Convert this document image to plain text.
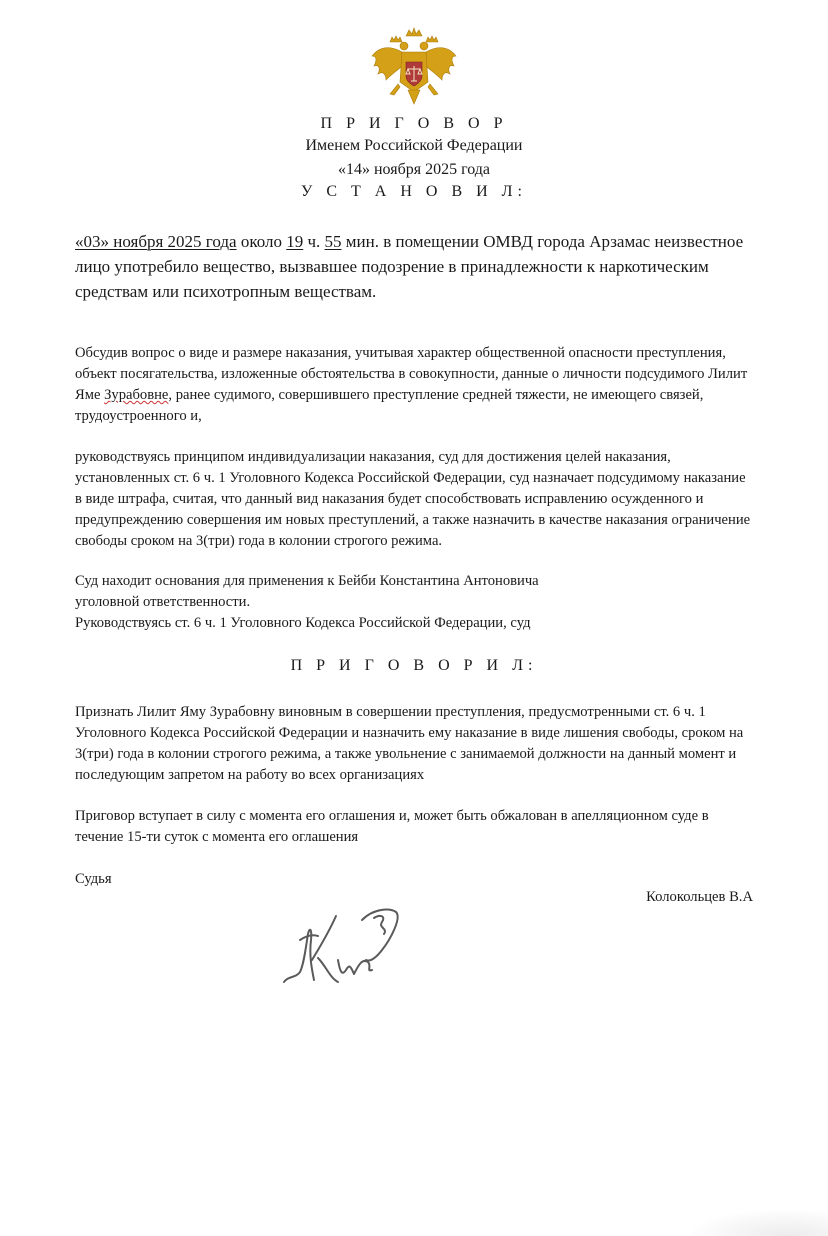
П Р И Г О В О Р
Именем Российской Федерации
«14» ноября 2025 года
У С Т А Н О В И Л:
«03» ноября 2025 года около 19 ч. 55 мин. в помещении ОМВД города Арзамас неизвестное лицо употребило вещество, вызвавшее подозрение в принадлежности к наркотическим средствам или психотропным веществам.
Обсудив вопрос о виде и размере наказания, учитывая характер общественной опасности преступления, объект посягательства, изложенные обстоятельства в совокупности, данные о личности подсудимого Лилит Яме Зурабовне, ранее судимого, совершившего преступление средней тяжести, не имеющего связей, трудоустроенного и,
руководствуясь принципом индивидуализации наказания, суд для достижения целей наказания, установленных ст. 6 ч. 1 Уголовного Кодекса Российской Федерации, суд назначает подсудимому наказание в виде штрафа, считая, что данный вид наказания будет способствовать исправлению осужденного и предупреждению совершения им новых преступлений, а также назначить в качестве наказания ограничение свободы сроком на 3(три) года в колонии строгого режима.
Суд находит основания для применения к Бейби Константина Антоновича
уголовной ответственности.
Руководствуясь ст. 6 ч. 1 Уголовного Кодекса Российской Федерации, суд
П Р И Г О В О Р И Л:
Признать Лилит Яму Зурабовну виновным в совершении преступления, предусмотренными ст. 6 ч. 1 Уголовного Кодекса Российской Федерации и назначить ему наказание в виде лишения свободы, сроком на 3(три) года в колонии строгого режима, а также увольнение с занимаемой должности на данный момент и последующим запретом на работу во всех организациях
Приговор вступает в силу с момента его оглашения и, может быть обжалован в апелляционном суде в течение 15-ти суток с момента его оглашения
Судья
Колокольцев В.А
